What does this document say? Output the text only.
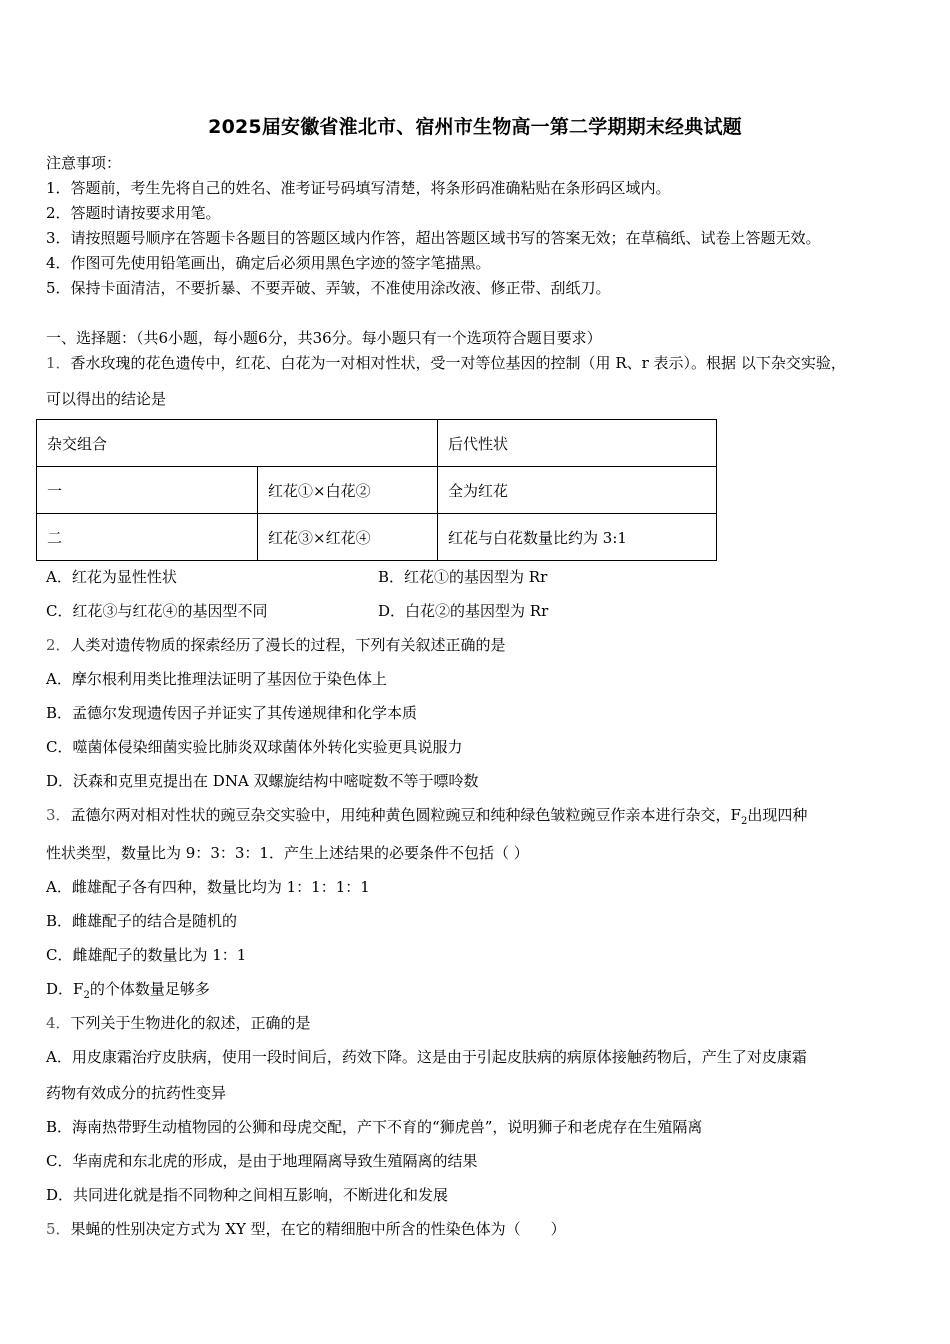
2025届安徽省淮北市、宿州市生物高一第二学期期末经典试题
注意事项：
1．答题前，考生先将自己的姓名、准考证号码填写清楚，将条形码准确粘贴在条形码区域内。
2．答题时请按要求用笔。
3．请按照题号顺序在答题卡各题目的答题区域内作答，超出答题区域书写的答案无效；在草稿纸、试卷上答题无效。
4．作图可先使用铅笔画出，确定后必须用黑色字迹的签字笔描黑。
5．保持卡面清洁，不要折暴、不要弄破、弄皱，不准使用涂改液、修正带、刮纸刀。
一、选择题：（共6小题，每小题6分，共36分。每小题只有一个选项符合题目要求）
1．香水玫瑰的花色遗传中，红花、白花为一对相对性状，受一对等位基因的控制（用 R、r 表示）。根据 以下杂交实验，
可以得出的结论是
杂交组合		后代性状
一	红花①×白花②	全为红花
二	红花③×红花④	红花与白花数量比约为 3:1
A．红花为显性性状	B．红花①的基因型为 Rr
C．红花③与红花④的基因型不同	D．白花②的基因型为 Rr
2．人类对遗传物质的探索经历了漫长的过程，下列有关叙述正确的是
A．摩尔根利用类比推理法证明了基因位于染色体上
B．孟德尔发现遗传因子并证实了其传递规律和化学本质
C．噬菌体侵染细菌实验比肺炎双球菌体外转化实验更具说服力
D．沃森和克里克提出在 DNA 双螺旋结构中嘧啶数不等于嘌呤数
3．孟德尔两对相对性状的豌豆杂交实验中，用纯种黄色圆粒豌豆和纯种绿色皱粒豌豆作亲本进行杂交，$F_2$出现四种
性状类型，数量比为 9：3：3：1．产生上述结果的必要条件不包括（ ）
A．雌雄配子各有四种，数量比均为 1：1：1：1
B．雌雄配子的结合是随机的
C．雌雄配子的数量比为 1：1
D．$F_2$的个体数量足够多
4．下列关于生物进化的叙述，正确的是
A．用皮康霜治疗皮肤病，使用一段时间后，药效下降。这是由于引起皮肤病的病原体接触药物后，产生了对皮康霜
药物有效成分的抗药性变异
B．海南热带野生动植物园的公狮和母虎交配，产下不育的“狮虎兽”，说明狮子和老虎存在生殖隔离
C．华南虎和东北虎的形成，是由于地理隔离导致生殖隔离的结果
D．共同进化就是指不同物种之间相互影响，不断进化和发展
5．果蝇的性别决定方式为 XY 型，在它的精细胞中所含的性染色体为（　　）
